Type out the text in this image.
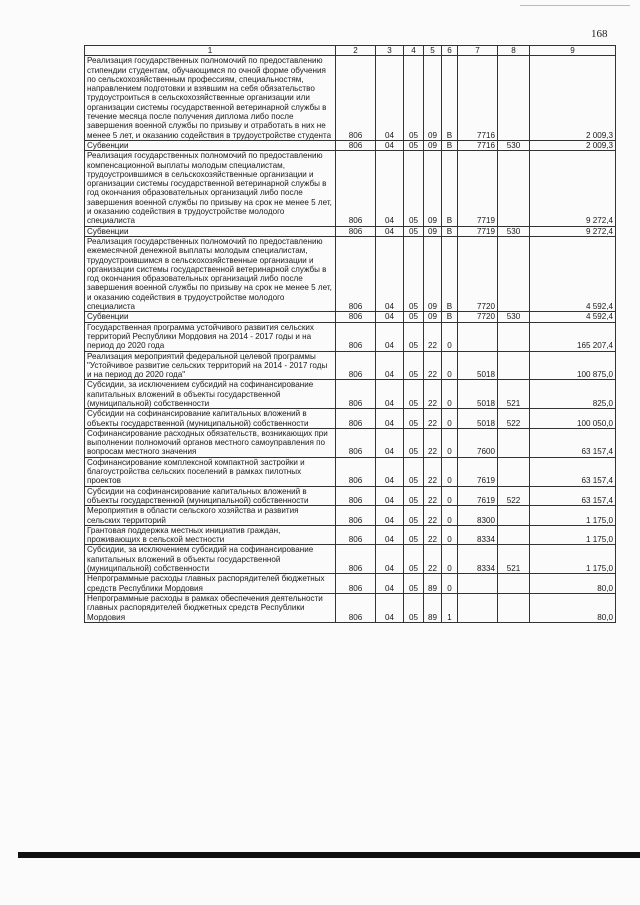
168
1	2	3	4	5	6	7	8	9
Реализация государственных полномочий по предоставлению стипендии студентам, обучающимся по очной форме обучения по сельскохозяйственным профессиям, специальностям, направлением подготовки и взявшим на себя обязательство трудоустроиться в сельскохозяйственные организации или организации системы государственной ветеринарной службы в течение месяца после получения диплома либо после завершения военной службы по призыву и отработать в них не менее 5 лет, и оказанию содействия в трудоустройстве студента	806	04	05	09	В	7716		2 009,3
Субвенции	806	04	05	09	В	7716	530	2 009,3
Реализация государственных полномочий по предоставлению компенсационной выплаты молодым специалистам, трудоустроившимся в сельскохозяйственные организации и организации системы государственной ветеринарной службы в год окончания образовательных организаций либо после завершения военной службы по призыву на срок не менее 5 лет, и оказанию содействия в трудоустройстве молодого специалиста	806	04	05	09	В	7719		9 272,4
Субвенции	806	04	05	09	В	7719	530	9 272,4
Реализация государственных полномочий по предоставлению ежемесячной денежной выплаты молодым специалистам, трудоустроившимся в сельскохозяйственные организации и организации системы государственной ветеринарной службы в год окончания образовательных организаций либо после завершения военной службы по призыву на срок не менее 5 лет, и оказанию содействия в трудоустройстве молодого специалиста	806	04	05	09	В	7720		4 592,4
Субвенции	806	04	05	09	В	7720	530	4 592,4
Государственная программа устойчивого развития сельских территорий Республики Мордовия на 2014 - 2017 годы и на период до 2020 года	806	04	05	22	0			165 207,4
Реализация мероприятий федеральной целевой программы "Устойчивое развитие сельских территорий на 2014 - 2017 годы и на период до 2020 года"	806	04	05	22	0	5018		100 875,0
Субсидии, за исключением субсидий на софинансирование капитальных вложений в объекты государственной (муниципальной) собственности	806	04	05	22	0	5018	521	825,0
Субсидии на софинансирование капитальных вложений в объекты государственной (муниципальной) собственности	806	04	05	22	0	5018	522	100 050,0
Софинансирование расходных обязательств, возникающих при выполнении полномочий органов местного самоуправления по вопросам местного значения	806	04	05	22	0	7600		63 157,4
Софинансирование комплексной компактной застройки и благоустройства сельских поселений в рамках пилотных проектов	806	04	05	22	0	7619		63 157,4
Субсидии на софинансирование капитальных вложений в объекты государственной (муниципальной) собственности	806	04	05	22	0	7619	522	63 157,4
Мероприятия в области сельского хозяйства и развития сельских территорий	806	04	05	22	0	8300		1 175,0
Грантовая поддержка местных инициатив граждан, проживающих в сельской местности	806	04	05	22	0	8334		1 175,0
Субсидии, за исключением субсидий на софинансирование капитальных вложений в объекты государственной (муниципальной) собственности	806	04	05	22	0	8334	521	1 175,0
Непрограммные расходы главных распорядителей бюджетных средств Республики Мордовия	806	04	05	89	0			80,0
Непрограммные расходы в рамках обеспечения деятельности главных распорядителей бюджетных средств Республики Мордовия	806	04	05	89	1			80,0
